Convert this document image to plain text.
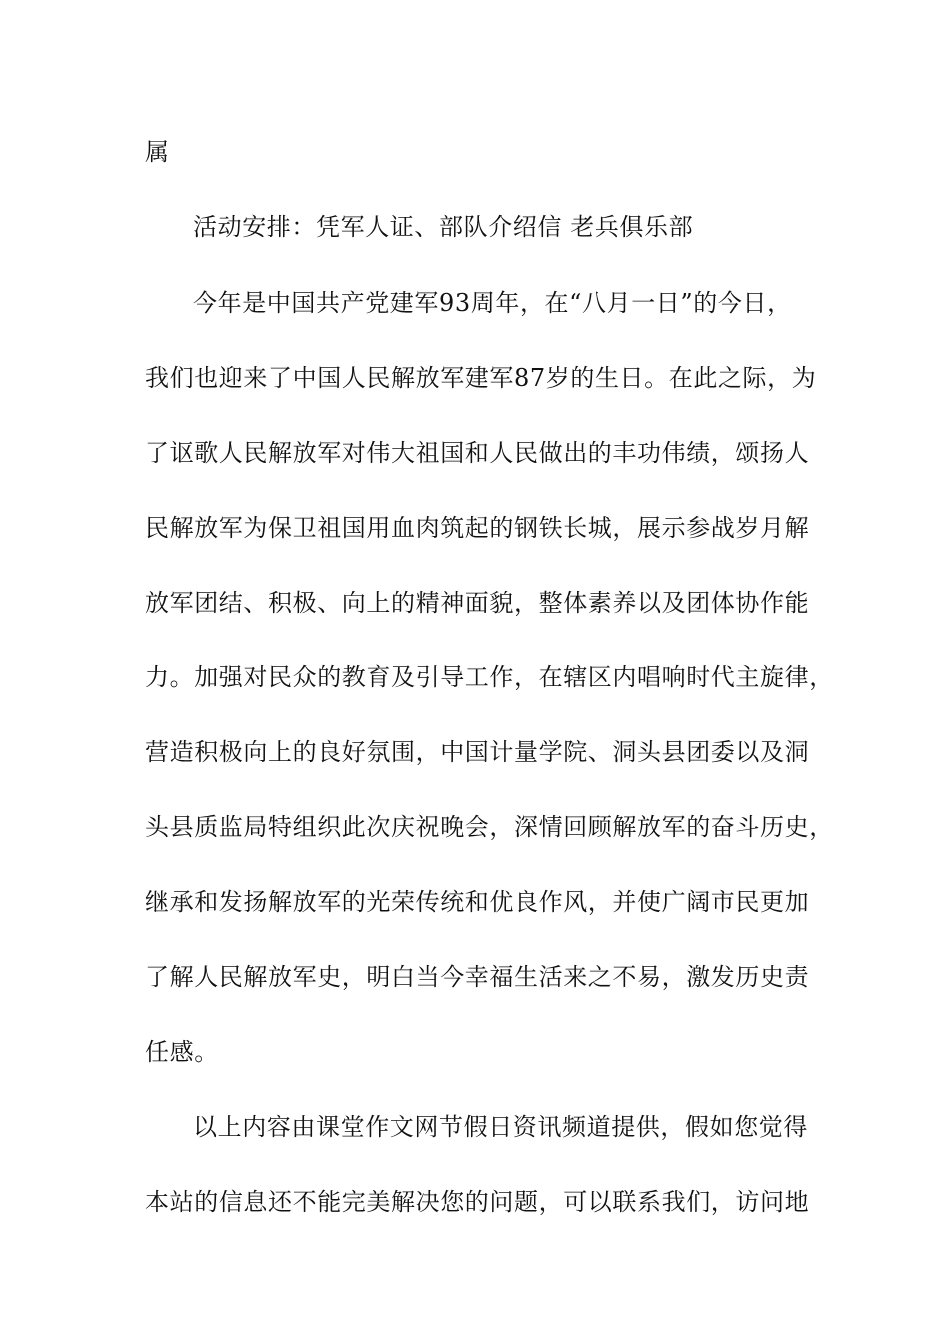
属
活动安排：凭军人证、部队介绍信 老兵俱乐部
今年是中国共产党建军93周年，在“八月一日”的今日，
我们也迎来了中国人民解放军建军87岁的生日。在此之际，为
了讴歌人民解放军对伟大祖国和人民做出的丰功伟绩，颂扬人
民解放军为保卫祖国用血肉筑起的钢铁长城，展示参战岁月解
放军团结、积极、向上的精神面貌，整体素养以及团体协作能
力。加强对民众的教育及引导工作，在辖区内唱响时代主旋律，
营造积极向上的良好氛围，中国计量学院、洞头县团委以及洞
头县质监局特组织此次庆祝晚会，深情回顾解放军的奋斗历史，
继承和发扬解放军的光荣传统和优良作风，并使广阔市民更加
了解人民解放军史，明白当今幸福生活来之不易，激发历史责
任感。
以上内容由课堂作文网节假日资讯频道提供，假如您觉得
本站的信息还不能完美解决您的问题，可以联系我们，访问地
